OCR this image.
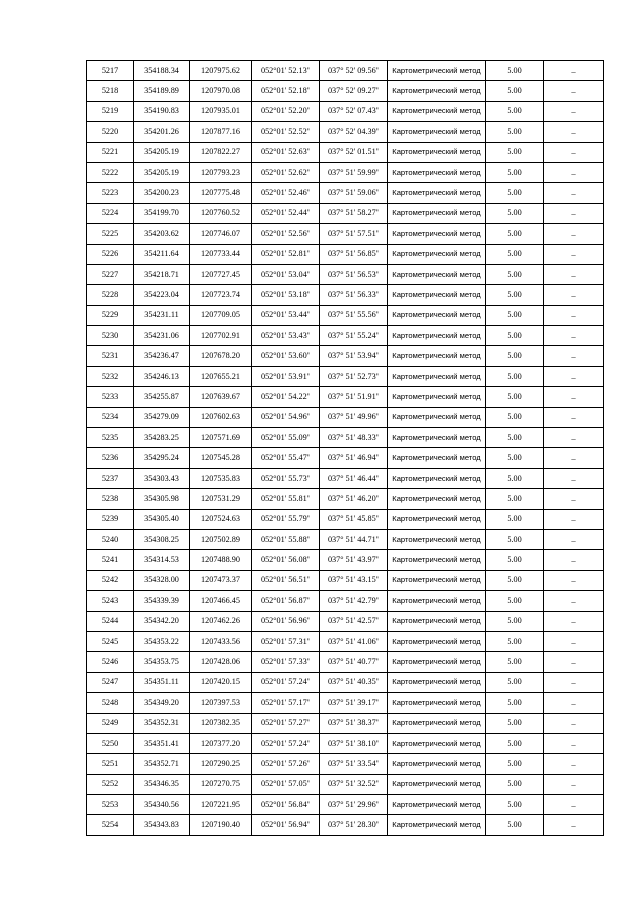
5217	354188.34	1207975.62	052°01' 52.13"	037° 52' 09.56"	Картометрический метод	5.00	–
5218	354189.89	1207970.08	052°01' 52.18"	037° 52' 09.27"	Картометрический метод	5.00	–
5219	354190.83	1207935.01	052°01' 52.20"	037° 52' 07.43"	Картометрический метод	5.00	–
5220	354201.26	1207877.16	052°01' 52.52"	037° 52' 04.39"	Картометрический метод	5.00	–
5221	354205.19	1207822.27	052°01' 52.63"	037° 52' 01.51"	Картометрический метод	5.00	–
5222	354205.19	1207793.23	052°01' 52.62"	037° 51' 59.99"	Картометрический метод	5.00	–
5223	354200.23	1207775.48	052°01' 52.46"	037° 51' 59.06"	Картометрический метод	5.00	–
5224	354199.70	1207760.52	052°01' 52.44"	037° 51' 58.27"	Картометрический метод	5.00	–
5225	354203.62	1207746.07	052°01' 52.56"	037° 51' 57.51"	Картометрический метод	5.00	–
5226	354211.64	1207733.44	052°01' 52.81"	037° 51' 56.85"	Картометрический метод	5.00	–
5227	354218.71	1207727.45	052°01' 53.04"	037° 51' 56.53"	Картометрический метод	5.00	–
5228	354223.04	1207723.74	052°01' 53.18"	037° 51' 56.33"	Картометрический метод	5.00	–
5229	354231.11	1207709.05	052°01' 53.44"	037° 51' 55.56"	Картометрический метод	5.00	–
5230	354231.06	1207702.91	052°01' 53.43"	037° 51' 55.24"	Картометрический метод	5.00	–
5231	354236.47	1207678.20	052°01' 53.60"	037° 51' 53.94"	Картометрический метод	5.00	–
5232	354246.13	1207655.21	052°01' 53.91"	037° 51' 52.73"	Картометрический метод	5.00	–
5233	354255.87	1207639.67	052°01' 54.22"	037° 51' 51.91"	Картометрический метод	5.00	–
5234	354279.09	1207602.63	052°01' 54.96"	037° 51' 49.96"	Картометрический метод	5.00	–
5235	354283.25	1207571.69	052°01' 55.09"	037° 51' 48.33"	Картометрический метод	5.00	–
5236	354295.24	1207545.28	052°01' 55.47"	037° 51' 46.94"	Картометрический метод	5.00	–
5237	354303.43	1207535.83	052°01' 55.73"	037° 51' 46.44"	Картометрический метод	5.00	–
5238	354305.98	1207531.29	052°01' 55.81"	037° 51' 46.20"	Картометрический метод	5.00	–
5239	354305.40	1207524.63	052°01' 55.79"	037° 51' 45.85"	Картометрический метод	5.00	–
5240	354308.25	1207502.89	052°01' 55.88"	037° 51' 44.71"	Картометрический метод	5.00	–
5241	354314.53	1207488.90	052°01' 56.08"	037° 51' 43.97"	Картометрический метод	5.00	–
5242	354328.00	1207473.37	052°01' 56.51"	037° 51' 43.15"	Картометрический метод	5.00	–
5243	354339.39	1207466.45	052°01' 56.87"	037° 51' 42.79"	Картометрический метод	5.00	–
5244	354342.20	1207462.26	052°01' 56.96"	037° 51' 42.57"	Картометрический метод	5.00	–
5245	354353.22	1207433.56	052°01' 57.31"	037° 51' 41.06"	Картометрический метод	5.00	–
5246	354353.75	1207428.06	052°01' 57.33"	037° 51' 40.77"	Картометрический метод	5.00	–
5247	354351.11	1207420.15	052°01' 57.24"	037° 51' 40.35"	Картометрический метод	5.00	–
5248	354349.20	1207397.53	052°01' 57.17"	037° 51' 39.17"	Картометрический метод	5.00	–
5249	354352.31	1207382.35	052°01' 57.27"	037° 51' 38.37"	Картометрический метод	5.00	–
5250	354351.41	1207377.20	052°01' 57.24"	037° 51' 38.10"	Картометрический метод	5.00	–
5251	354352.71	1207290.25	052°01' 57.26"	037° 51' 33.54"	Картометрический метод	5.00	–
5252	354346.35	1207270.75	052°01' 57.05"	037° 51' 32.52"	Картометрический метод	5.00	–
5253	354340.56	1207221.95	052°01' 56.84"	037° 51' 29.96"	Картометрический метод	5.00	–
5254	354343.83	1207190.40	052°01' 56.94"	037° 51' 28.30"	Картометрический метод	5.00	–
